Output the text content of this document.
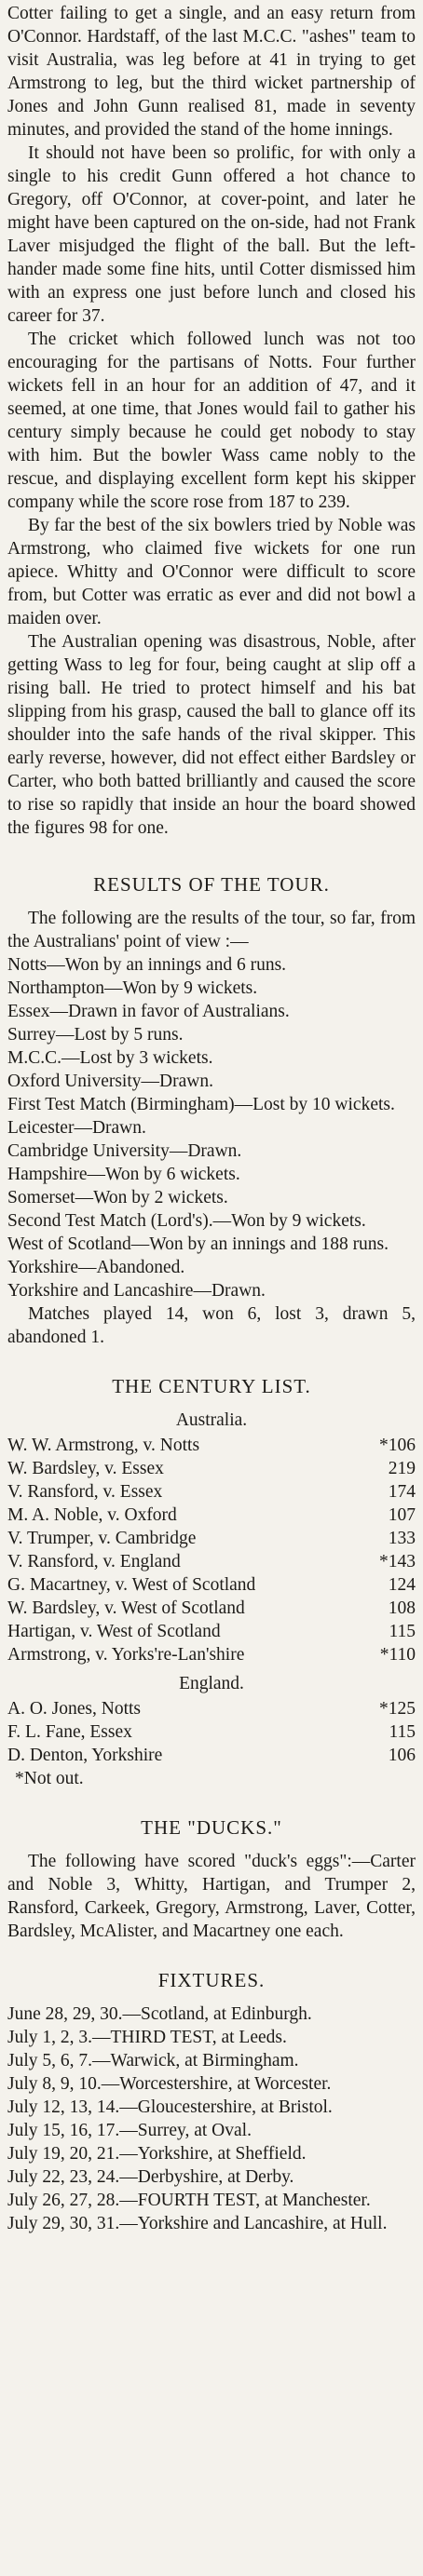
Cotter failing to get a single, and an easy return from O'Connor. Hardstaff, of the last M.C.C. "ashes" team to visit Australia, was leg before at 41 in trying to get Armstrong to leg, but the third wicket partnership of Jones and John Gunn realised 81, made in seventy minutes, and provided the stand of the home innings.

It should not have been so prolific, for with only a single to his credit Gunn offered a hot chance to Gregory, off O'Connor, at cover-point, and later he might have been captured on the on-side, had not Frank Laver misjudged the flight of the ball. But the left-hander made some fine hits, until Cotter dismissed him with an express one just before lunch and closed his career for 37.

The cricket which followed lunch was not too encouraging for the partisans of Notts. Four further wickets fell in an hour for an addition of 47, and it seemed, at one time, that Jones would fail to gather his century simply because he could get nobody to stay with him. But the bowler Wass came nobly to the rescue, and displaying excellent form kept his skipper company while the score rose from 187 to 239.

By far the best of the six bowlers tried by Noble was Armstrong, who claimed five wickets for one run apiece. Whitty and O'Connor were difficult to score from, but Cotter was erratic as ever and did not bowl a maiden over.

The Australian opening was disastrous, Noble, after getting Wass to leg for four, being caught at slip off a rising ball. He tried to protect himself and his bat slipping from his grasp, caused the ball to glance off its shoulder into the safe hands of the rival skipper. This early reverse, however, did not effect either Bardsley or Carter, who both batted brilliantly and caused the score to rise so rapidly that inside an hour the board showed the figures 98 for one.

RESULTS OF THE TOUR.

The following are the results of the tour, so far, from the Australians' point of view :—

Notts—Won by an innings and 6 runs.
Northampton—Won by 9 wickets.
Essex—Drawn in favor of Australians.
Surrey—Lost by 5 runs.
M.C.C.—Lost by 3 wickets.
Oxford University—Drawn.
First Test Match (Birmingham)—Lost by 10 wickets.
Leicester—Drawn.
Cambridge University—Drawn.
Hampshire—Won by 6 wickets.
Somerset—Won by 2 wickets.
Second Test Match (Lord's).—Won by 9 wickets.
West of Scotland—Won by an innings and 188 runs.
Yorkshire—Abandoned.
Yorkshire and Lancashire—Drawn.

Matches played 14, won 6, lost 3, drawn 5, abandoned 1.

THE CENTURY LIST.
Australia.
W. W. Armstrong, v. Notts	*106
W. Bardsley, v. Essex	219
V. Ransford, v. Essex	174
M. A. Noble, v. Oxford	107
V. Trumper, v. Cambridge	133
V. Ransford, v. England	*143
G. Macartney, v. West of Scotland	124
W. Bardsley, v. West of Scotland	108
Hartigan, v. West of Scotland	115
Armstrong, v. Yorks're-Lan'shire	*110
England.
A. O. Jones, Notts	*125
F. L. Fane, Essex	115
D. Denton, Yorkshire	106
*Not out.
THE "DUCKS."

The following have scored "duck's eggs":—Carter and Noble 3, Whitty, Hartigan, and Trumper 2, Ransford, Carkeek, Gregory, Armstrong, Laver, Cotter, Bardsley, McAlister, and Macartney one each.

FIXTURES.
June 28, 29, 30.—Scotland, at Edinburgh.
July 1, 2, 3.—THIRD TEST, at Leeds.
July 5, 6, 7.—Warwick, at Birmingham.
July 8, 9, 10.—Worcestershire, at Worcester.
July 12, 13, 14.—Gloucestershire, at Bristol.
July 15, 16, 17.—Surrey, at Oval.
July 19, 20, 21.—Yorkshire, at Sheffield.
July 22, 23, 24.—Derbyshire, at Derby.
July 26, 27, 28.—FOURTH TEST, at Manchester.
July 29, 30, 31.—Yorkshire and Lancashire, at Hull.
